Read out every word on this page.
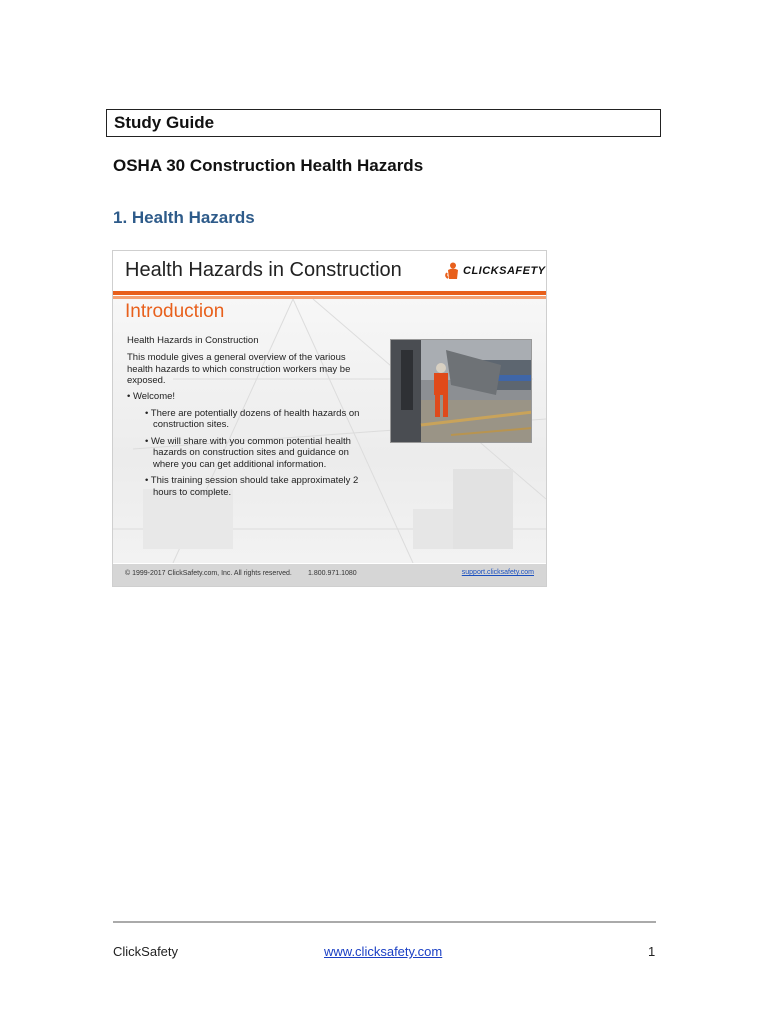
Study Guide
OSHA 30 Construction Health Hazards
1. Health Hazards
Health Hazards in Construction	CLICKSAFETY
Introduction
Health Hazards in Construction
This module gives a general overview of the various health hazards to which construction workers may be exposed.
• Welcome!
• There are potentially dozens of health hazards on construction sites.
• We will share with you common potential health hazards on construction sites and guidance on where you can get additional information.
• This training session should take approximately 2 hours to complete.
© 1999-2017 ClickSafety.com, Inc. All rights reserved. 1.800.971.1080	support.clicksafety.com
ClickSafety	www.clicksafety.com	1
